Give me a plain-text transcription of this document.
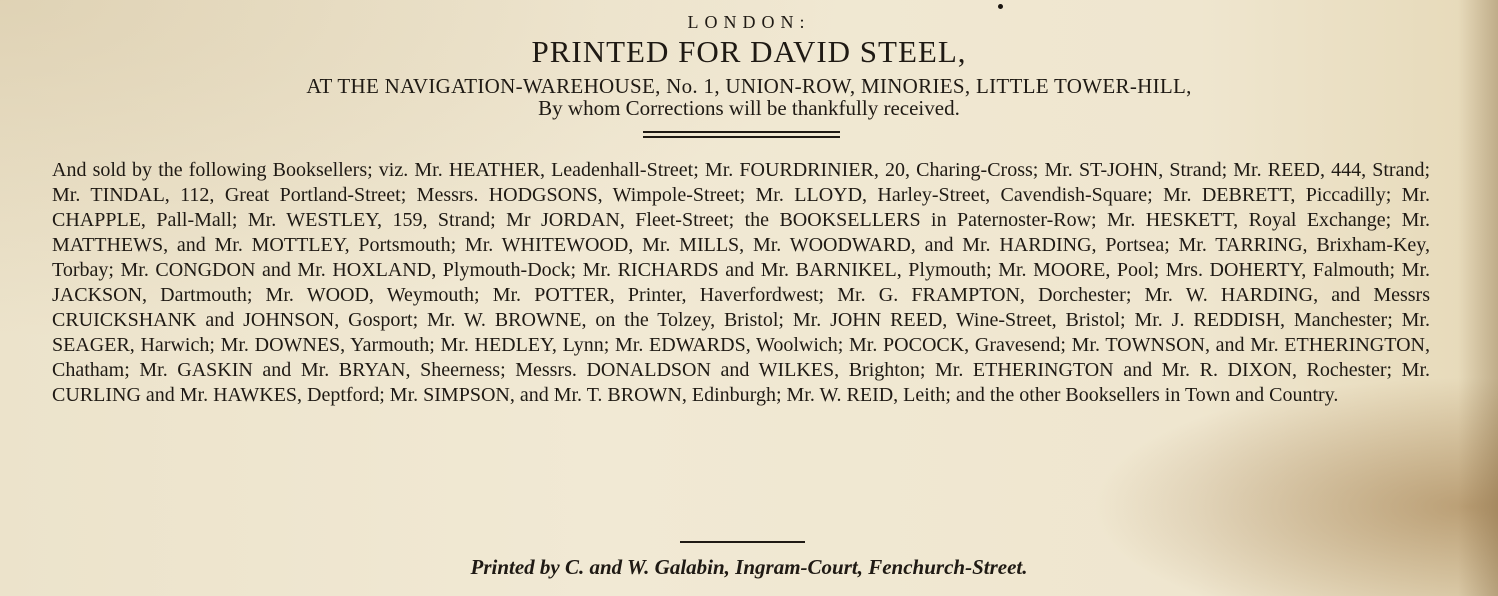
LONDON:
PRINTED FOR DAVID STEEL,
AT THE NAVIGATION-WAREHOUSE, No. 1, UNION-ROW, MINORIES, LITTLE TOWER-HILL,
By whom Corrections will be thankfully received.

And sold by the following Booksellers; viz. Mr. HEATHER, Leadenhall-Street; Mr. FOURDRINIER, 20, Charing-Cross; Mr. ST-JOHN, Strand; Mr. REED, 444, Strand; Mr. TINDAL, 112, Great Portland-Street; Messrs. HODGSONS, Wimpole-Street; Mr. LLOYD, Harley-Street, Cavendish-Square; Mr. DEBRETT, Piccadilly; Mr. CHAPPLE, Pall-Mall; Mr. WESTLEY, 159, Strand; Mr JORDAN, Fleet-Street; the BOOKSELLERS in Paternoster-Row; Mr. HESKETT, Royal Exchange; Mr. MATTHEWS, and Mr. MOTTLEY, Portsmouth; Mr. WHITEWOOD, Mr. MILLS, Mr. WOODWARD, and Mr. HARDING, Portsea; Mr. TARRING, Brixham-Key, Torbay; Mr. CONGDON and Mr. HOXLAND, Plymouth-Dock; Mr. RICHARDS and Mr. BARNIKEL, Plymouth; Mr. MOORE, Pool; Mrs. DOHERTY, Falmouth; Mr. JACKSON, Dartmouth; Mr. WOOD, Weymouth; Mr. POTTER, Printer, Haverfordwest; Mr. G. FRAMPTON, Dorchester; Mr. W. HARDING, and Messrs CRUICKSHANK and JOHNSON, Gosport; Mr. W. BROWNE, on the Tolzey, Bristol; Mr. JOHN REED, Wine-Street, Bristol; Mr. J. REDDISH, Manchester; Mr. SEAGER, Harwich; Mr. DOWNES, Yarmouth; Mr. HEDLEY, Lynn; Mr. EDWARDS, Woolwich; Mr. POCOCK, Gravesend; Mr. TOWNSON, and Mr. ETHERINGTON, Chatham; Mr. GASKIN and Mr. BRYAN, Sheerness; Messrs. DONALDSON and WILKES, Brighton; Mr. ETHERINGTON and Mr. R. DIXON, Rochester; Mr. CURLING and Mr. HAWKES, Deptford; Mr. SIMPSON, and Mr. T. BROWN, Edinburgh; Mr. W. REID, Leith; and the other Booksellers in Town and Country.

Printed by C. and W. Galabin, Ingram-Court, Fenchurch-Street.
